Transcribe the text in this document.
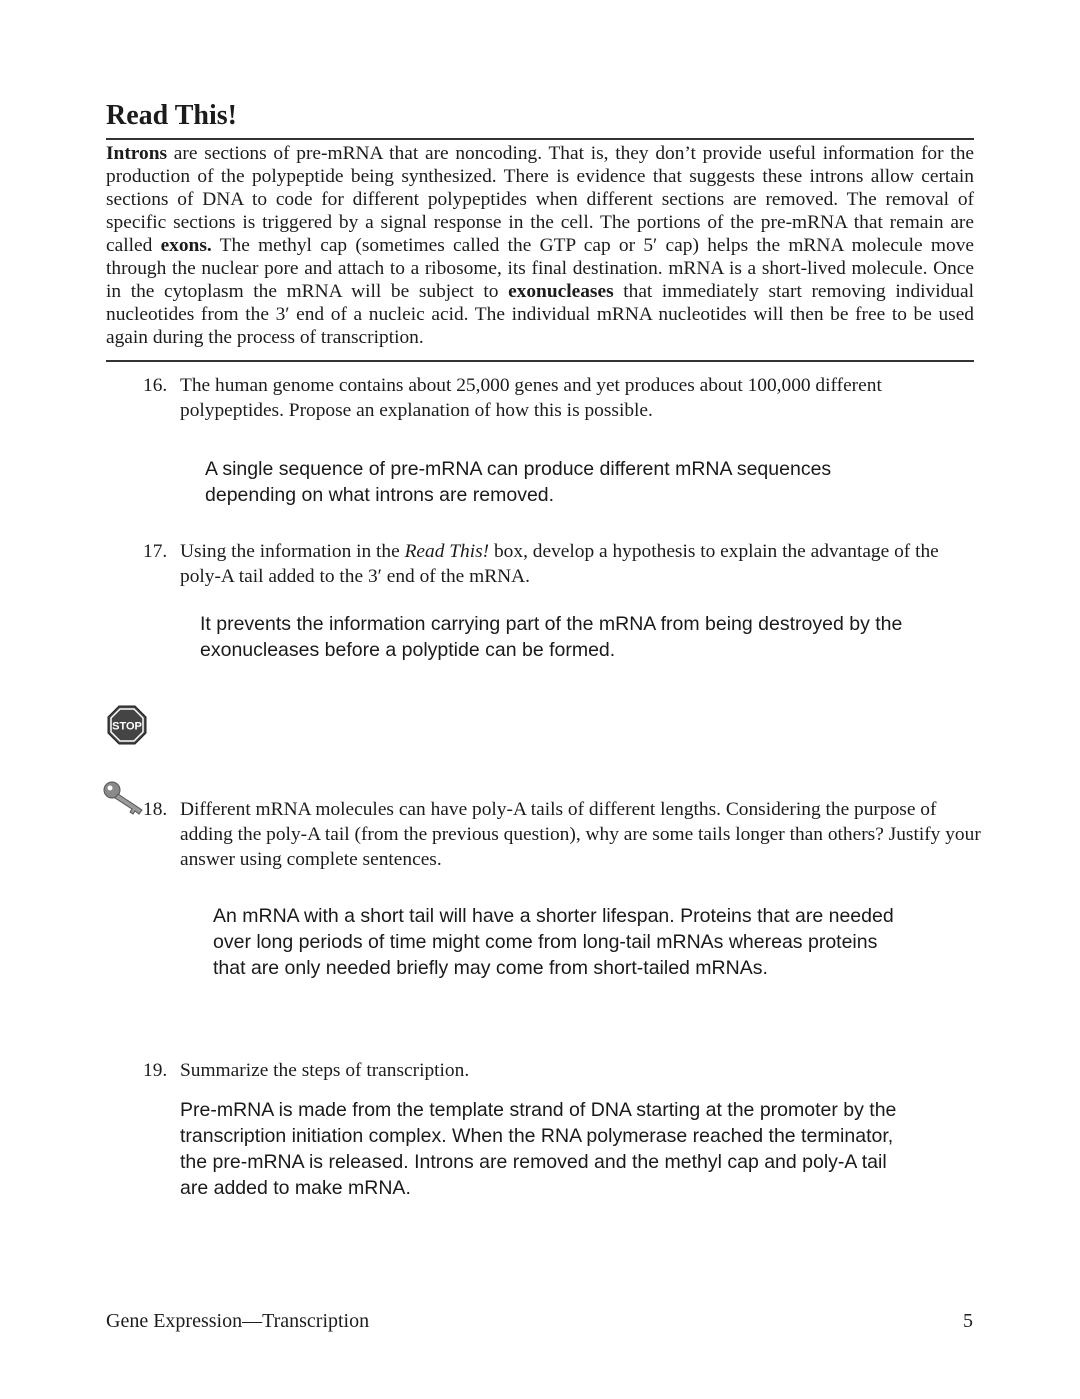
Read This!

Introns are sections of pre-mRNA that are noncoding. That is, they don’t provide useful information for the production of the polypeptide being synthesized. There is evidence that suggests these introns allow certain sections of DNA to code for different polypeptides when different sections are removed. The removal of specific sections is triggered by a signal response in the cell. The portions of the pre-mRNA that remain are called exons. The methyl cap (sometimes called the GTP cap or 5′ cap) helps the mRNA molecule move through the nuclear pore and attach to a ribosome, its final destination. mRNA is a short-lived molecule. Once in the cytoplasm the mRNA will be subject to exonucleases that immediately start removing individual nucleotides from the 3′ end of a nucleic acid. The individual mRNA nucleotides will then be free to be used again during the process of transcription.

16. The human genome contains about 25,000 genes and yet produces about 100,000 different polypeptides. Propose an explanation of how this is possible.
A single sequence of pre-mRNA can produce different mRNA sequences depending on what introns are removed.
17. Using the information in the Read This! box, develop a hypothesis to explain the advantage of the poly-A tail added to the 3′ end of the mRNA.
It prevents the information carrying part of the mRNA from being destroyed by the exonucleases before a polyptide can be formed.
STOP
18. Different mRNA molecules can have poly-A tails of different lengths. Considering the purpose of adding the poly-A tail (from the previous question), why are some tails longer than others? Justify your answer using complete sentences.
An mRNA with a short tail will have a shorter lifespan. Proteins that are needed over long periods of time might come from long-tail mRNAs whereas proteins that are only needed briefly may come from short-tailed mRNAs.
19. Summarize the steps of transcription.
Pre-mRNA is made from the template strand of DNA starting at the promoter by the transcription initiation complex. When the RNA polymerase reached the terminator, the pre-mRNA is released. Introns are removed and the methyl cap and poly-A tail are added to make mRNA.
Gene Expression—Transcription	5
